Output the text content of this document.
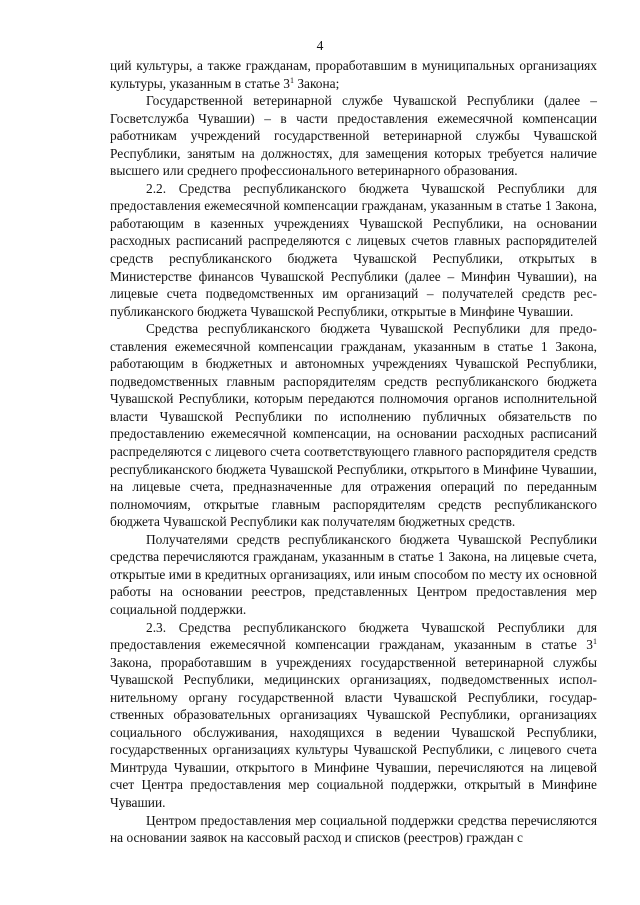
4

ций культуры, а также гражданам, проработавшим в муниципальных организациях культуры, указанным в статье $3^1$ Закона;

Государственной ветеринарной службе Чувашской Республики (далее – Госветслужба Чувашии) – в части предоставления ежемесячной компенсации работникам учреждений государственной ветеринарной службы Чувашской Республики, занятым на должностях, для замещения которых требуется наличие высшего или среднего профессионального ветеринарного образования.

2.2. Средства республиканского бюджета Чувашской Республики для предоставления ежемесячной компенсации гражданам, указанным в статье 1 Закона, работающим в казенных учреждениях Чувашской Республики, на основании расходных расписаний распределяются с лицевых счетов главных распорядителей средств республиканского бюджета Чувашской Республики, открытых в Министерстве финансов Чувашской Республики (далее – Минфин Чувашии), на лицевые счета подведомственных им организаций – получателей средств республиканского бюджета Чувашской Республики, открытые в Минфине Чувашии.

Средства республиканского бюджета Чувашской Республики для предоставления ежемесячной компенсации гражданам, указанным в статье 1 Закона, работающим в бюджетных и автономных учреждениях Чувашской Республики, подведомственных главным распорядителям средств республиканского бюджета Чувашской Республики, которым передаются полномочия органов исполнительной власти Чувашской Республики по исполнению публичных обязательств по предоставлению ежемесячной компенсации, на основании расходных расписаний распределяются с лицевого счета соответствующего главного распорядителя средств республиканского бюджета Чувашской Республики, открытого в Минфине Чувашии, на лицевые счета, предназначенные для отражения операций по переданным полномочиям, открытые главным распорядителям средств республиканского бюджета Чувашской Республики как получателям бюджетных средств.

Получателями средств республиканского бюджета Чувашской Республики средства перечисляются гражданам, указанным в статье 1 Закона, на лицевые счета, открытые ими в кредитных организациях, или иным способом по месту их основной работы на основании реестров, представленных Центром предоставления мер социальной поддержки.

2.3. Средства республиканского бюджета Чувашской Республики для предоставления ежемесячной компенсации гражданам, указанным в статье $3^1$ Закона, проработавшим в учреждениях государственной ветеринарной службы Чувашской Республики, медицинских организациях, подведомственных исполнительному органу государственной власти Чувашской Республики, государственных образовательных организациях Чувашской Республики, организациях социального обслуживания, находящихся в ведении Чувашской Республики, государственных организациях культуры Чувашской Республики, с лицевого счета Минтруда Чувашии, открытого в Минфине Чувашии, перечисляются на лицевой счет Центра предоставления мер социальной поддержки, открытый в Минфине Чувашии.

Центром предоставления мер социальной поддержки средства перечисляются на основании заявок на кассовый расход и списков (реестров) граждан с
